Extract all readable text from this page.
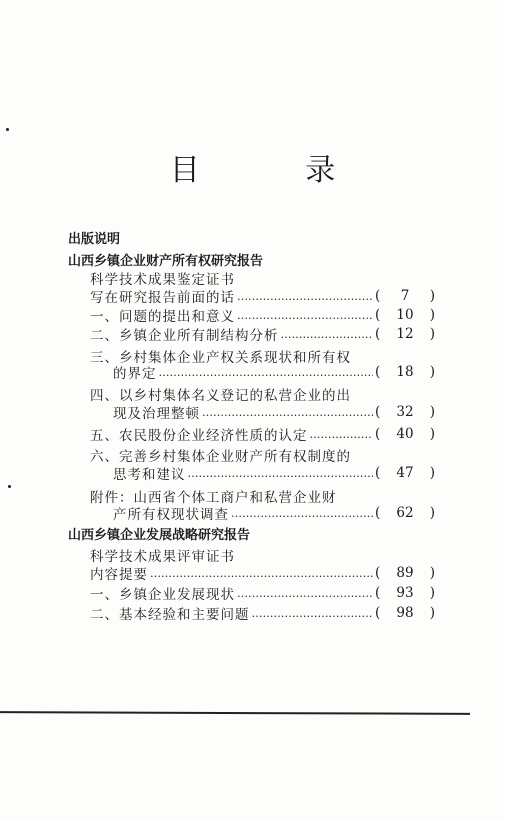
目 录
出版说明
山西乡镇企业财产所有权研究报告
科学技术成果鉴定证书
写在研究报告前面的话 …………………………………………………………………………………………………………………………	(	7	)
一、问题的提出和意义 …………………………………………………………………………………………………………………………	(	10	)
二、乡镇企业所有制结构分析 …………………………………………………………………………………………………………………………	(	12	)
三、乡村集体企业产权关系现状和所有权
的界定 …………………………………………………………………………………………………………………………	(	18	)
四、以乡村集体名义登记的私营企业的出
现及治理整顿 …………………………………………………………………………………………………………………………	(	32	)
五、农民股份企业经济性质的认定 …………………………………………………………………………………………………………………………	(	40	)
六、完善乡村集体企业财产所有权制度的
思考和建议 …………………………………………………………………………………………………………………………	(	47	)
附件：山西省个体工商户和私营企业财
产所有权现状调查 …………………………………………………………………………………………………………………………	(	62	)
山西乡镇企业发展战略研究报告
科学技术成果评审证书
内容提要 …………………………………………………………………………………………………………………………	(	89	)
一、乡镇企业发展现状 …………………………………………………………………………………………………………………………	(	93	)
二、基本经验和主要问题 …………………………………………………………………………………………………………………………	(	98	)
